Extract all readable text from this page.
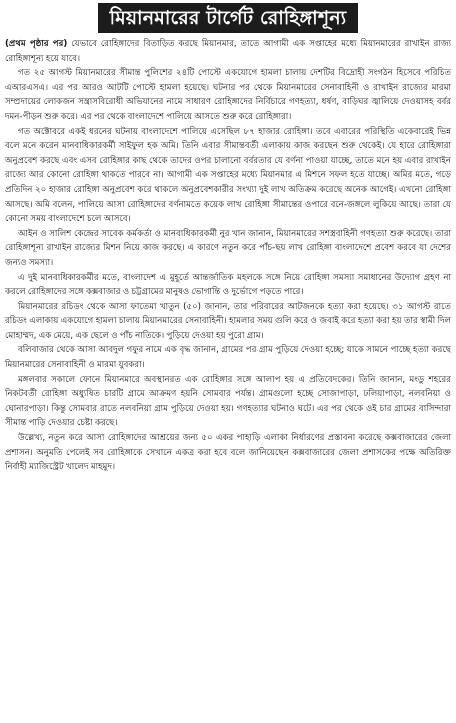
মিয়ানমারের টার্গেট রোহিঙ্গাশূন্য

(প্রথম পৃষ্ঠার পর) যেভাবে রোহিঙ্গাদের বিতাড়িত করছে মিয়ানমার, তাতে আগামী এক সপ্তাহের মধ্যে মিয়ানমারের রাখাইন রাজ্য রোহিঙ্গাশূন্য হয়ে যাবে।

গত ২৫ আগস্ট মিয়ানমারের সীমান্ত পুলিশের ২৪টি পোস্টে একযোগে হামলা চালায় দেশটির বিদ্রোহী সংগঠন হিসেবে পরিচিত এআরএসএ। এর পর আরও আটটি পোস্টে হামলা হয়েছে। ঘটনার পর থেকে মিয়ানমারের সেনাবাহিনী ও রাখাইন রাজ্যের মারমা সম্প্রদায়ের লোকজন সন্ত্রাসবিরোধী অভিযানের নামে সাধারণ রোহিঙ্গাদের নির্বিচারে গণহত্যা, ধর্ষণ, বাড়িঘর জ্বালিয়ে দেওয়াসহ বর্বর দমন-পীড়ন শুরু করে। এর পর থেকে বাংলাদেশে পালিয়ে আসতে শুরু করে রোহিঙ্গারা।

গত অক্টোবরে একই ধরনের ঘটনায় বাংলাদেশে পালিয়ে এসেছিল ৮৭ হাজার রোহিঙ্গা। তবে এবারের পরিস্থিতি একেবারেই ভিন্ন বলে মনে করেন মানবাধিকারকর্মী সাইফুল হক অমি। তিনি এবার সীমান্তবর্তী এলাকায় কাজ করছেন শুরু থেকেই। যে হারে রোহিঙ্গারা অনুপ্রবেশ করছে এবং এসব রোহিঙ্গার কাছ থেকে তাদের ওপর চালানো বর্বরতার যে বর্ণনা পাওয়া যাচ্ছে, তাতে মনে হয় এবার রাখাইন রাজ্যে আর কোনো রোহিঙ্গা থাকতে পারবে না। আগামী এক সপ্তাহের মধ্যে মিয়ানমার এ মিশনে সফল হতে যাচ্ছে। অমির মতে, গড়ে প্রতিদিন ২০ হাজার রোহিঙ্গা অনুপ্রবেশ করে থাকলে অনুপ্রবেশকারীর সংখ্যা দুই লাখ অতিক্রম করেছে অনেক আগেই। এখনো রোহিঙ্গা আসছে। অমি বলেন, পালিয়ে আসা রোহিঙ্গাদের বর্ণনামতে কয়েক লাখ রোহিঙ্গা সীমান্তের ওপারে বনে-জঙ্গলে লুকিয়ে আছে। তারা যে কোনো সময় বাংলাদেশে চলে আসবে।

আইন ও সালিশ কেন্দ্রের সাবেক কর্মকর্তা ও মানবাধিকারকর্মী নুর খান জানান, মিয়ানমারের সশস্ত্রবাহিনী গণহত্যা শুরু করেছে। তারা রোহিঙ্গাশূন্য রাখাইন রাজ্যের মিশন নিয়ে কাজ করছে। এ কারণে নতুন করে পাঁচ-ছয় লাখ রোহিঙ্গা বাংলাদেশে প্রবেশ করবে যা দেশের জন্যও সমস্যা।

এ দুই মানবাধিকারকর্মীর মতে, বাংলাদেশ এ মুহূর্তে আন্তর্জাতিক মহলকে সঙ্গে নিয়ে রোহিঙ্গা সমস্যা সমাধানের উদ্যোগ গ্রহণ না করলে রোহিঙ্গাদের সঙ্গে কক্সবাজার ও চট্টগ্রামের মানুষও ভোগান্তি ও দুর্ভোগে পড়তে পারে।

মিয়ানমারের রচিডং থেকে আসা ফাতেমা খাতুন (৫০) জানান, তার পরিবারের আটজনকে হত্যা করা হয়েছে। ৩১ আগস্ট রাতে রচিডং এলাকায় একযোগে হামলা চালায় মিয়ানমারের সেনাবাহিনী। হামলার সময় গুলি করে ও জবাই করে হত্যা করা হয় তার স্বামী দিল মোহাম্মদ, এক মেয়ে, এক ছেলে ও পাঁচ নাতিকে। পুড়িয়ে দেওয়া হয় পুরো গ্রাম।

বলিবাজার থেকে আসা আবদুল গফুর নামে এক বৃদ্ধ জানান, গ্রামের পর গ্রাম পুড়িয়ে দেওয়া হচ্ছে; যাকে সামনে পাচ্ছে হত্যা করছে মিয়ানমারের সেনাবাহিনী ও মারমা যুবকরা।

মঙ্গলবার সকালে ফোনে মিয়ানমারে অবস্থানরত এক রোহিঙ্গার সঙ্গে আলাপ হয় এ প্রতিবেদকের। তিনি জানান, মংডু শহরের নিকটবর্তী রোহিঙ্গা অধ্যুষিত চারটি গ্রামে আক্রমণ হয়নি সোমবার পর্যন্ত। গ্রামগুলো হচ্ছে সোজাপাড়া, ঢলিয়াপাড়া, নলবনিয়া ও ঘোনারপাড়া। কিন্তু সোমবার রাতে নলবনিয়া গ্রাম পুড়িয়ে দেওয়া হয়। গণহত্যার ঘটনাও ঘটে। এর পর থেকে ওই চার গ্রামের বাসিন্দারা সীমান্ত পাড়ি দেওয়ার চেষ্টা করছে।

উল্লেখ্য, নতুন করে আসা রোহিঙ্গাদের আশ্রয়ের জন্য ৫০ একর পাহাড়ি এলাকা নির্ধারণের প্রস্তাবনা করেছে কক্সবাজারের জেলা প্রশাসন। অনুমতি পেলেই সব রোহিঙ্গাকে সেখানে একত্র করা হবে বলে জানিয়েছেন কক্সবাজারের জেলা প্রশাসকের পক্ষে অতিরিক্ত নির্বাহী ম্যাজিস্ট্রেট খালেদ মাহমুদ।
